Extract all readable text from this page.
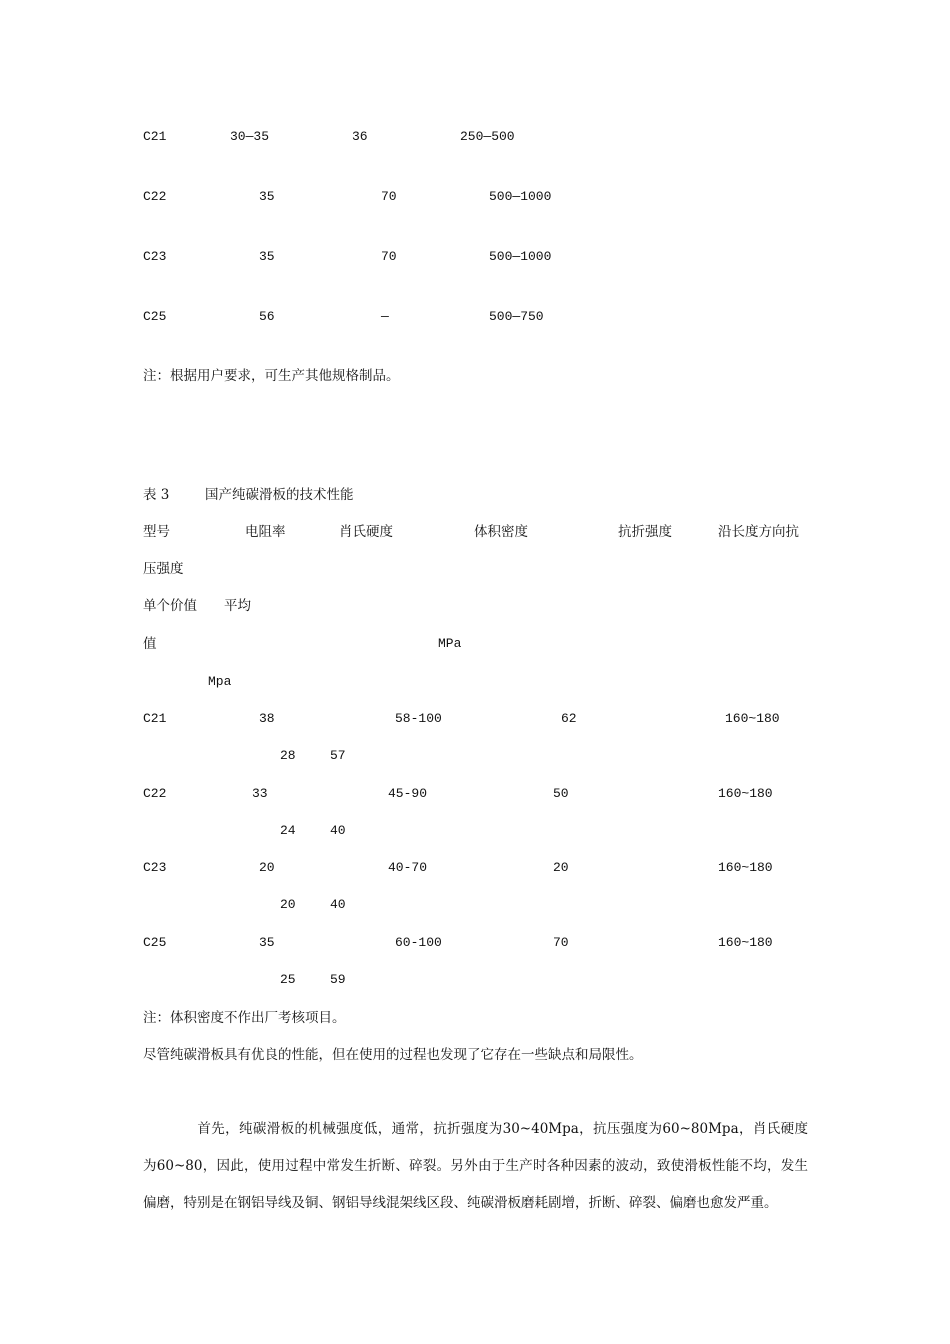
C21	30—35	36	250—500
C22	35	70	500—1000
C23	35	70	500—1000
C25	56	—	500—750
注：根据用户要求，可生产其他规格制品。
表 3	国产纯碳滑板的技术性能
型号	电阻率	肖氏硬度	体积密度	抗折强度	沿长度方向抗
压强度
单个价值 平均
值	MPa
Mpa
C21	38	58-100	62	160~180
28	57
C22	33	45-90	50	160~180
24	40
C23	20	40-70	20	160~180
20	40
C25	35	60-100	70	160~180
25	59
注：体积密度不作出厂考核项目。
尽管纯碳滑板具有优良的性能，但在使用的过程也发现了它存在一些缺点和局限性。
首先，纯碳滑板的机械强度低，通常，抗折强度为30~40Mpa，抗压强度为60~80Mpa，肖氏硬度为60~80，因此，使用过程中常发生折断、碎裂。另外由于生产时各种因素的波动，致使滑板性能不均，发生偏磨，特别是在钢铝导线及铜、钢铝导线混架线区段、纯碳滑板磨耗剧增，折断、碎裂、偏磨也愈发严重。
